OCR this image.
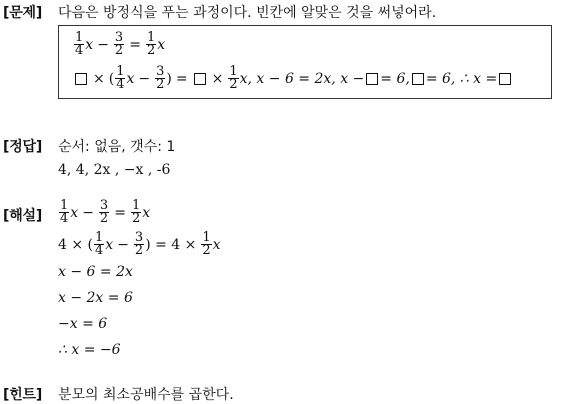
[문제] 다음은 방정식을 푸는 과정이다. 빈칸에 알맞은 것을 써넣어라.
$\frac{1}{4}$ $x - \frac{3}{2} = \frac{1}{2}$ x
× ( $\frac{1}{4}$ $x - \frac{3}{2}$ ) = × $\frac{1}{2} x$, x − 6 = 2x, x − = 6, = 6, ∴ x =
[정답] 순서: 없음, 갯수: 1
4, 4, 2x , −x , -6
[해설] $\frac{1}{4}$ $x - \frac{3}{2} = \frac{1}{2}$ x
4 × ( $\frac{1}{4}$ $x - \frac{3}{2}$ ) = $4 \times \frac{1}{2}$ x
x − 6 = 2x
x − 2x = 6
−x = 6
∴ x = −6
[힌트] 분모의 최소공배수를 곱한다.
